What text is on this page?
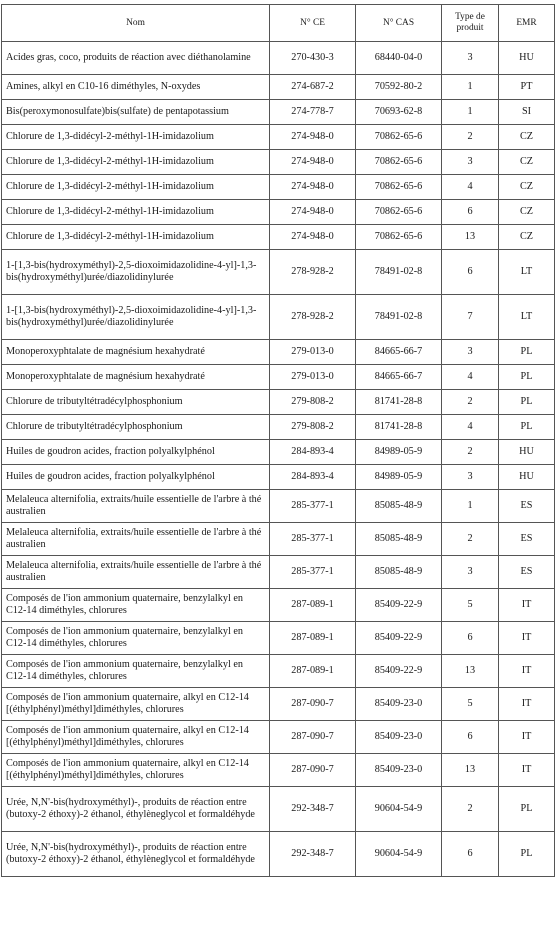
Nom	N° CE	N° CAS	Type de produit	EMR
Acides gras, coco, produits de réaction avec diéthanolamine	270-430-3	68440-04-0	3	HU
Amines, alkyl en C10-16 diméthyles, N-oxydes	274-687-2	70592-80-2	1	PT
Bis(peroxymonosulfate)bis(sulfate) de pentapotassium	274-778-7	70693-62-8	1	SI
Chlorure de 1,3-didécyl-2-méthyl-1H-imidazolium	274-948-0	70862-65-6	2	CZ
Chlorure de 1,3-didécyl-2-méthyl-1H-imidazolium	274-948-0	70862-65-6	3	CZ
Chlorure de 1,3-didécyl-2-méthyl-1H-imidazolium	274-948-0	70862-65-6	4	CZ
Chlorure de 1,3-didécyl-2-méthyl-1H-imidazolium	274-948-0	70862-65-6	6	CZ
Chlorure de 1,3-didécyl-2-méthyl-1H-imidazolium	274-948-0	70862-65-6	13	CZ
1-[1,3-bis(hydroxyméthyl)-2,5-dioxoimidazolidine-4-yl]-1,3-bis(hydroxyméthyl)urée/diazolidinylurée	278-928-2	78491-02-8	6	LT
1-[1,3-bis(hydroxyméthyl)-2,5-dioxoimidazolidine-4-yl]-1,3-bis(hydroxyméthyl)urée/diazolidinylurée	278-928-2	78491-02-8	7	LT
Monoperoxyphtalate de magnésium hexahydraté	279-013-0	84665-66-7	3	PL
Monoperoxyphtalate de magnésium hexahydraté	279-013-0	84665-66-7	4	PL
Chlorure de tributyltétradécylphosphonium	279-808-2	81741-28-8	2	PL
Chlorure de tributyltétradécylphosphonium	279-808-2	81741-28-8	4	PL
Huiles de goudron acides, fraction polyalkylphénol	284-893-4	84989-05-9	2	HU
Huiles de goudron acides, fraction polyalkylphénol	284-893-4	84989-05-9	3	HU
Melaleuca alternifolia, extraits/huile essentielle de l'arbre à thé australien	285-377-1	85085-48-9	1	ES
Melaleuca alternifolia, extraits/huile essentielle de l'arbre à thé australien	285-377-1	85085-48-9	2	ES
Melaleuca alternifolia, extraits/huile essentielle de l'arbre à thé australien	285-377-1	85085-48-9	3	ES
Composés de l'ion ammonium quaternaire, benzylalkyl en C12-14 diméthyles, chlorures	287-089-1	85409-22-9	5	IT
Composés de l'ion ammonium quaternaire, benzylalkyl en C12-14 diméthyles, chlorures	287-089-1	85409-22-9	6	IT
Composés de l'ion ammonium quaternaire, benzylalkyl en C12-14 diméthyles, chlorures	287-089-1	85409-22-9	13	IT
Composés de l'ion ammonium quaternaire, alkyl en C12-14 [(éthylphényl)méthyl]diméthyles, chlorures	287-090-7	85409-23-0	5	IT
Composés de l'ion ammonium quaternaire, alkyl en C12-14 [(éthylphényl)méthyl]diméthyles, chlorures	287-090-7	85409-23-0	6	IT
Composés de l'ion ammonium quaternaire, alkyl en C12-14 [(éthylphényl)méthyl]diméthyles, chlorures	287-090-7	85409-23-0	13	IT
Urée, N,N'-bis(hydroxyméthyl)-, produits de réaction entre (butoxy-2 éthoxy)-2 éthanol, éthylèneglycol et formaldéhyde	292-348-7	90604-54-9	2	PL
Urée, N,N'-bis(hydroxyméthyl)-, produits de réaction entre (butoxy-2 éthoxy)-2 éthanol, éthylèneglycol et formaldéhyde	292-348-7	90604-54-9	6	PL
